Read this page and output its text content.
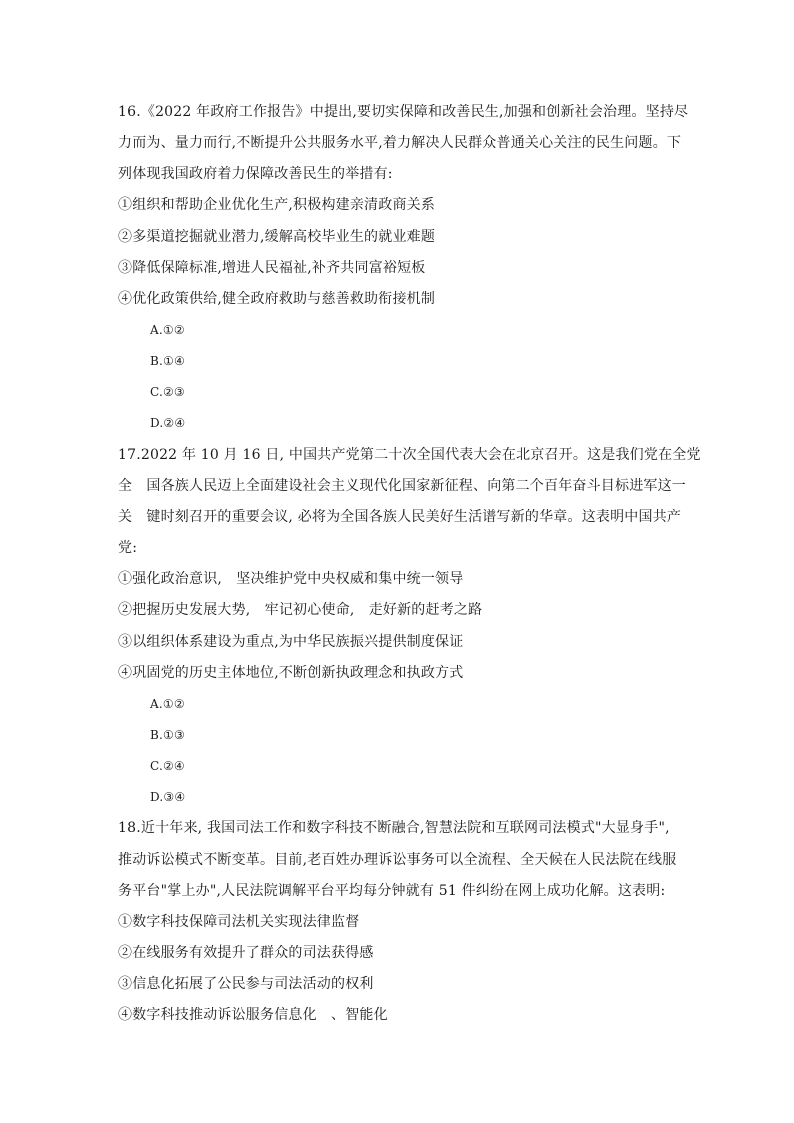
16.《2022 年政府工作报告》中提出,要切实保障和改善民生,加强和创新社会治理。坚持尽
力而为、量力而行,不断提升公共服务水平,着力解决人民群众普通关心关注的民生问题。下
列体现我国政府着力保障改善民生的举措有:
①组织和帮助企业优化生产,积极构建亲清政商关系
②多渠道挖掘就业潜力,缓解高校毕业生的就业难题
③降低保障标准,增进人民福祉,补齐共同富裕短板
④优化政策供给,健全政府救助与慈善救助衔接机制
A.①②
B.①④
C.②③
D.②④
17.2022 年 10 月 16 日, 中国共产党第二十次全国代表大会在北京召开。这是我们党在全党
全　国各族人民迈上全面建设社会主义现代化国家新征程、向第二个百年奋斗目标进军这一
关　键时刻召开的重要会议, 必将为全国各族人民美好生活谱写新的华章。这表明中国共产
党:
①强化政治意识,　坚决维护党中央权威和集中统一领导
②把握历史发展大势,　牢记初心使命,　走好新的赶考之路
③以组织体系建设为重点,为中华民族振兴提供制度保证
④巩固党的历史主体地位,不断创新执政理念和执政方式
A.①②
B.①③
C.②④
D.③④
18.近十年来, 我国司法工作和数字科技不断融合,智慧法院和互联网司法模式"大显身手",
推动诉讼模式不断变革。目前,老百姓办理诉讼事务可以全流程、全天候在人民法院在线服
务平台"掌上办",人民法院调解平台平均每分钟就有 51 件纠纷在网上成功化解。这表明:
①数字科技保障司法机关实现法律监督
②在线服务有效提升了群众的司法获得感
③信息化拓展了公民参与司法活动的权利
④数字科技推动诉讼服务信息化　、智能化
